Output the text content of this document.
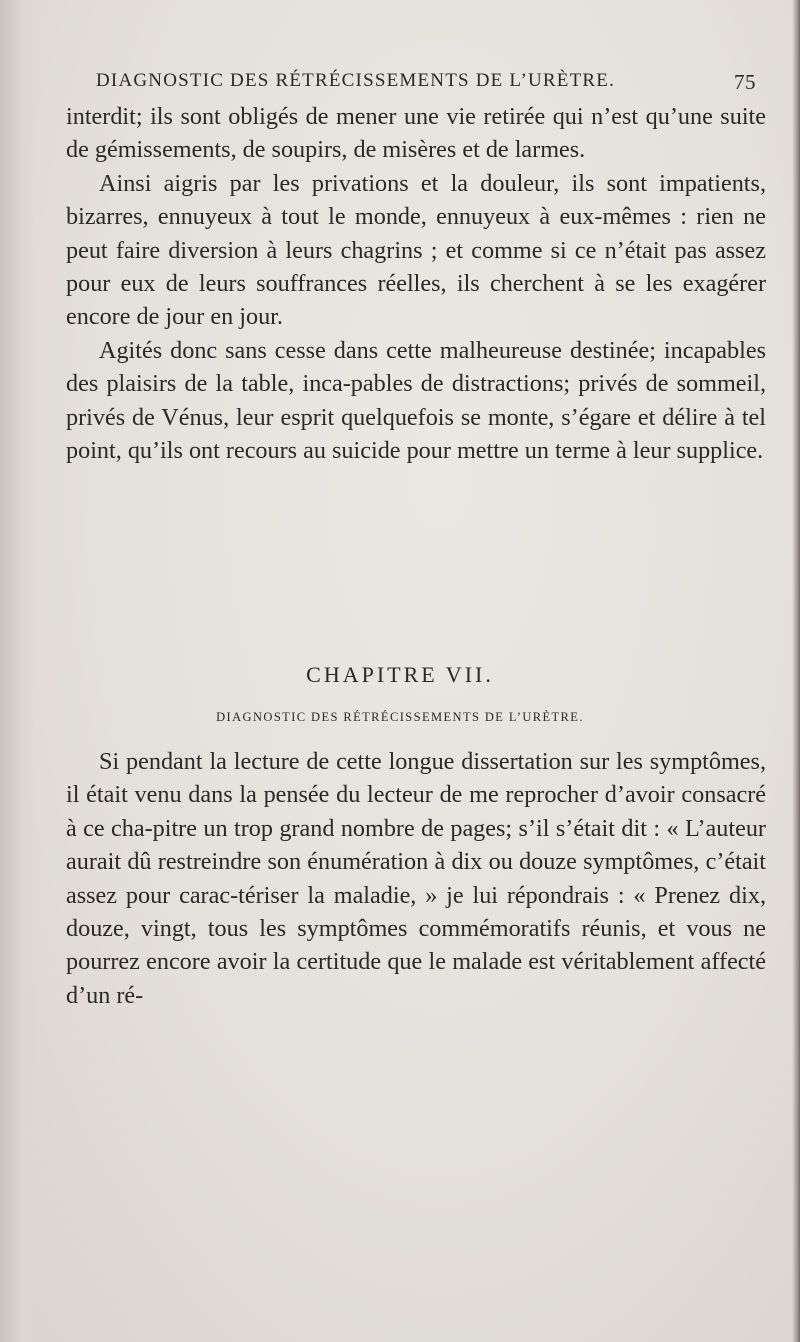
DIAGNOSTIC DES RÉTRÉCISSEMENTS DE L’URÈTRE.	75

interdit; ils sont obligés de mener une vie retirée qui n’est qu’une suite de gémissements, de soupirs, de misères et de larmes.

Ainsi aigris par les privations et la douleur, ils sont impatients, bizarres, ennuyeux à tout le monde, ennuyeux à eux-mêmes : rien ne peut faire diversion à leurs chagrins ; et comme si ce n’était pas assez pour eux de leurs souffrances réelles, ils cherchent à se les exagérer encore de jour en jour.

Agités donc sans cesse dans cette malheureuse destinée; incapables des plaisirs de la table, inca-pables de distractions; privés de sommeil, privés de Vénus, leur esprit quelquefois se monte, s’égare et délire à tel point, qu’ils ont recours au suicide pour mettre un terme à leur supplice.

CHAPITRE VII.
DIAGNOSTIC DES RÉTRÉCISSEMENTS DE L’URÈTRE.

Si pendant la lecture de cette longue dissertation sur les symptômes, il était venu dans la pensée du lecteur de me reprocher d’avoir consacré à ce cha-pitre un trop grand nombre de pages; s’il s’était dit : « L’auteur aurait dû restreindre son énumération à dix ou douze symptômes, c’était assez pour carac-tériser la maladie, » je lui répondrais : « Prenez dix, douze, vingt, tous les symptômes commémoratifs réunis, et vous ne pourrez encore avoir la certitude que le malade est véritablement affecté d’un ré-
